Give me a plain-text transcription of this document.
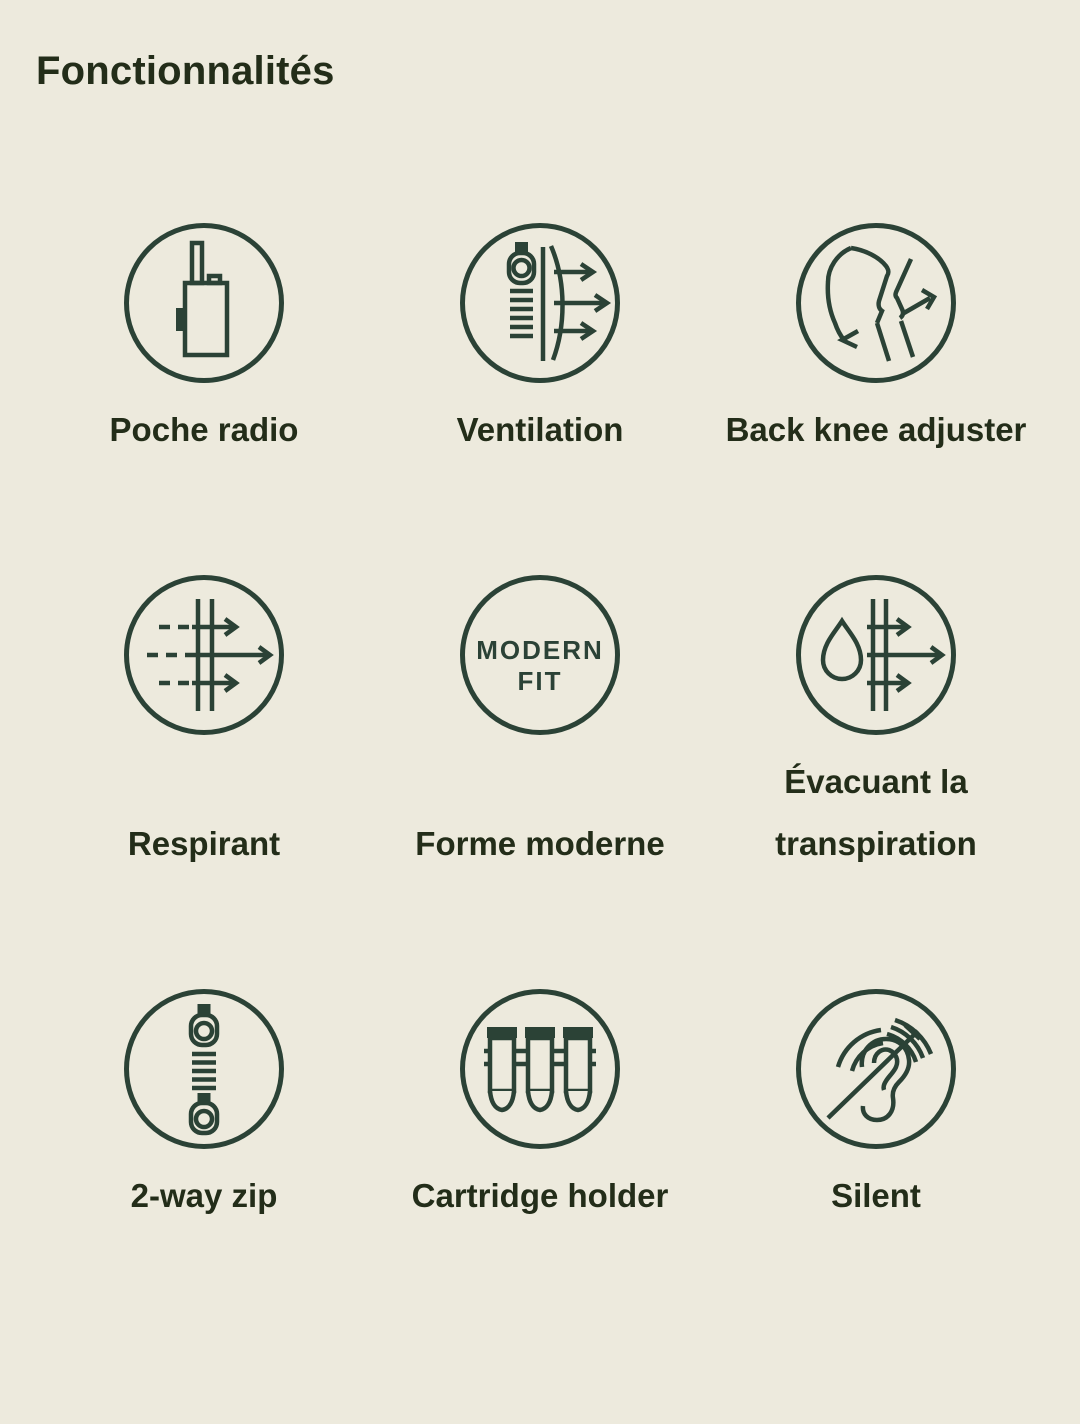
Fonctionnalités
Poche radio	Ventilation	Back knee adjuster
Respirant
MODERN
FIT
Forme moderne
Évacuant la transpiration
2-way zip	Cartridge holder	Silent
